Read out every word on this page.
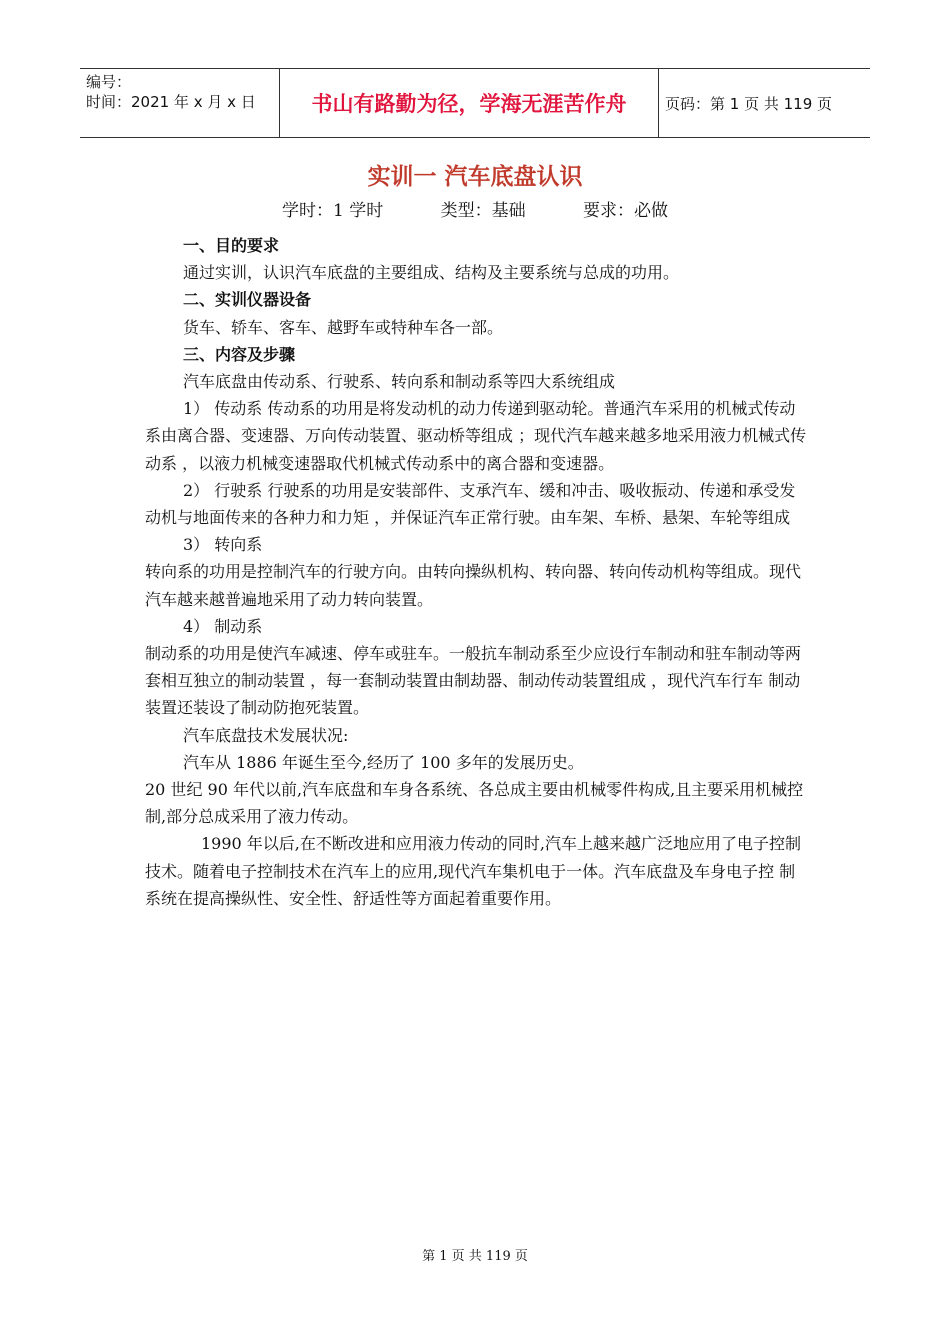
编号：
时间：2021 年 x 月 x 日	书山有路勤为径，学海无涯苦作舟	页码：第 1 页 共 119 页
实训一 汽车底盘认识
学时：1 学时	类型：基础	要求：必做

一、目的要求

通过实训，认识汽车底盘的主要组成、结构及主要系统与总成的功用。

二、实训仪器设备

货车、轿车、客车、越野车或特种车各一部。

三、内容及步骤

汽车底盘由传动系、行驶系、转向系和制动系等四大系统组成

1） 传动系 传动系的功用是将发动机的动力传递到驱动轮。普通汽车采用的机械式传动系由离合器、变速器、万向传动装置、驱动桥等组成 ；现代汽车越来越多地采用液力机械式传动系 ，以液力机械变速器取代机械式传动系中的离合器和变速器。

2） 行驶系 行驶系的功用是安装部件、支承汽车、缓和冲击、吸收振动、传递和承受发动机与地面传来的各种力和力矩 ，并保证汽车正常行驶。由车架、车桥、悬架、车轮等组成

3） 转向系

转向系的功用是控制汽车的行驶方向。由转向操纵机构、转向器、转向传动机构等组成。现代汽车越来越普遍地采用了动力转向装置。

4） 制动系

制动系的功用是使汽车减速、停车或驻车。一般抗车制动系至少应设行车制动和驻车制动等两套相互独立的制动装置 ，每一套制动装置由制劫器、制动传动装置组成 ，现代汽车行车 制动装置还装设了制动防抱死装置。

汽车底盘技术发展状况:

汽车从 1886 年诞生至今,经历了 100 多年的发展历史。

20 世纪 90 年代以前,汽车底盘和车身各系统、各总成主要由机械零件构成,且主要采用机械控制,部分总成采用了液力传动。

1990 年以后,在不断改进和应用液力传动的同时,汽车上越来越广泛地应用了电子控制技术。随着电子控制技术在汽车上的应用,现代汽车集机电于一体。汽车底盘及车身电子控 制系统在提高操纵性、安全性、舒适性等方面起着重要作用。

第 1 页 共 119 页
